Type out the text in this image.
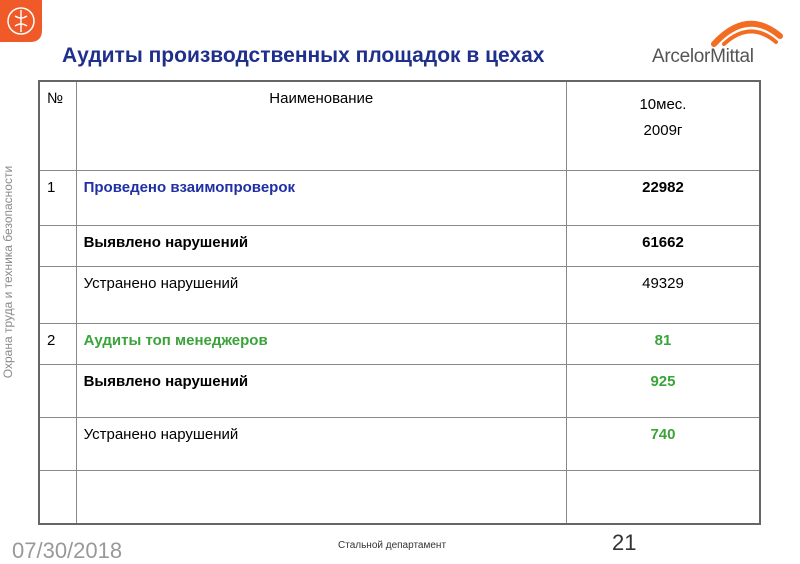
Аудиты производственных площадок в цехах	ArcelorMittal
Охрана труда и техника безопасности
№	Наименование	10мес.
2009г

1	Проведено взаимопроверок	22982

	Выявлено нарушений	61662

	Устранено нарушений	49329

2	Аудиты топ менеджеров	81

	Выявлено нарушений	925

	Устранено нарушений	740

07/30/2018	Стальной департамент	21
